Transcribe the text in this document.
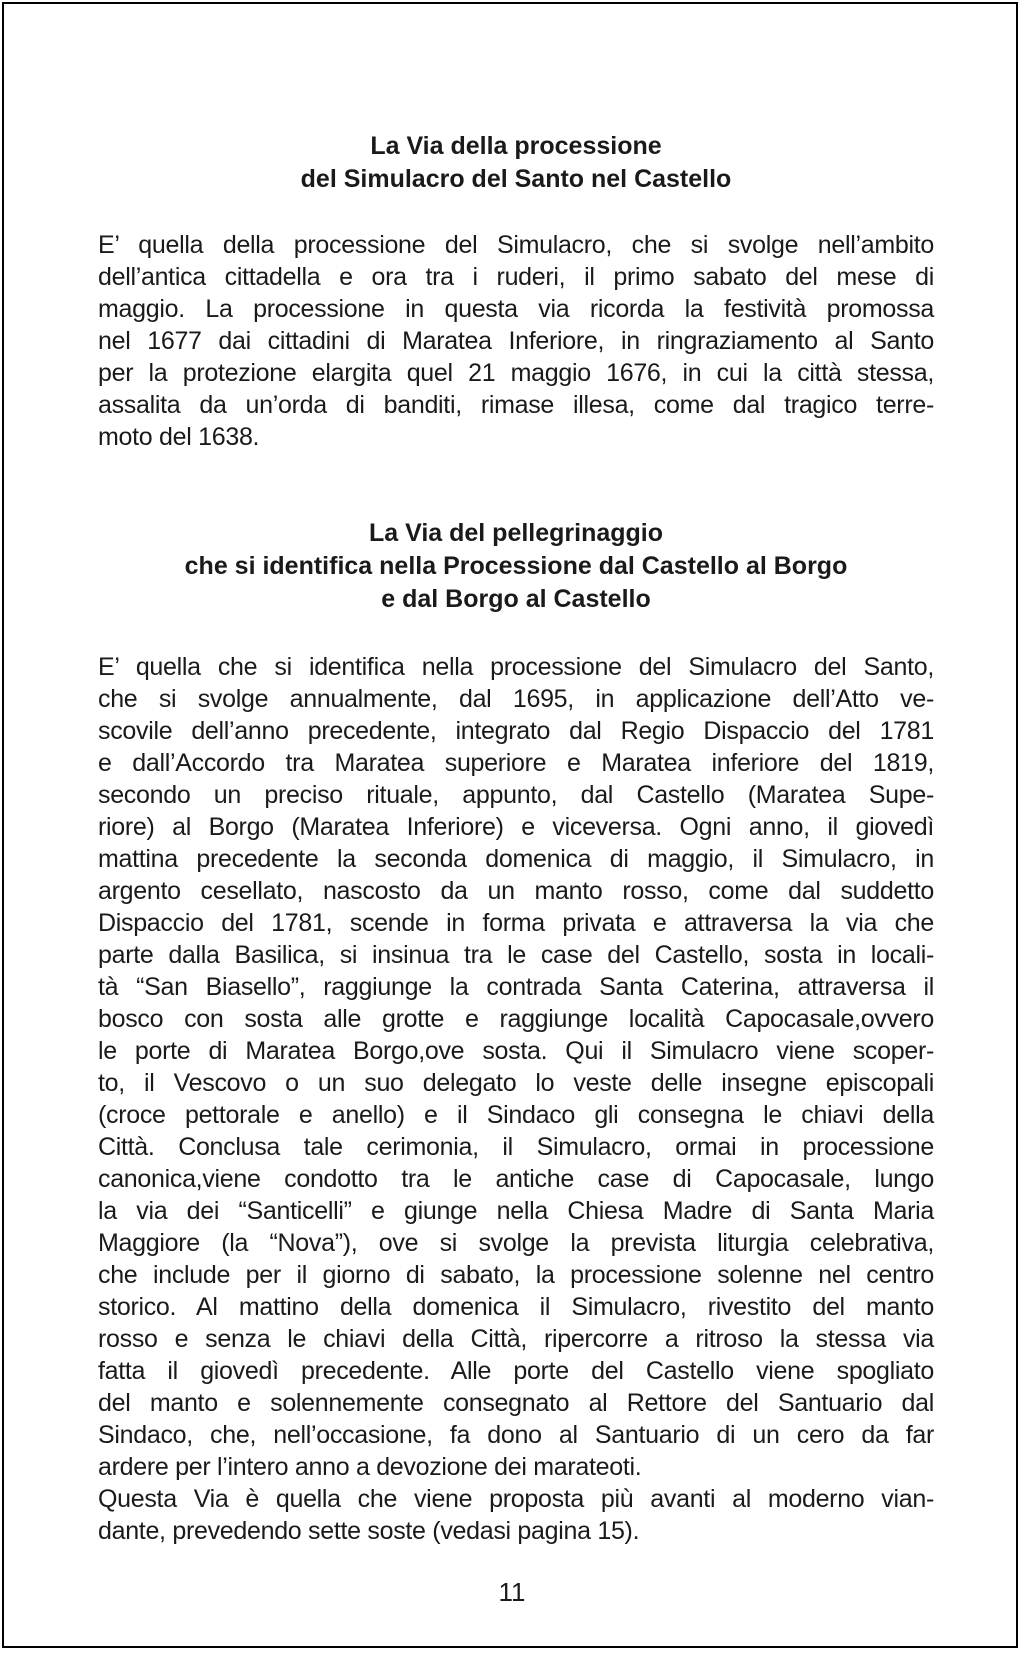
La Via della processione
del Simulacro del Santo nel Castello
E’ quella della processione del Simulacro, che si svolge nell’ambito
dell’antica cittadella e ora tra i ruderi, il primo sabato del mese di
maggio. La processione in questa via ricorda la festività promossa
nel 1677 dai cittadini di Maratea Inferiore, in ringraziamento al Santo
per la protezione elargita quel 21 maggio 1676, in cui la città stessa,
assalita da un’orda di banditi, rimase illesa, come dal tragico terre-
moto del 1638.
La Via del pellegrinaggio
che si identifica nella Processione dal Castello al Borgo
e dal Borgo al Castello
E’ quella che si identifica nella processione del Simulacro del Santo,
che si svolge annualmente, dal 1695, in applicazione dell’Atto ve-
scovile dell’anno precedente, integrato dal Regio Dispaccio del 1781
e dall’Accordo tra Maratea superiore e Maratea inferiore del 1819,
secondo un preciso rituale, appunto, dal Castello (Maratea Supe-
riore) al Borgo (Maratea Inferiore) e viceversa. Ogni anno, il giovedì
mattina precedente la seconda domenica di maggio, il Simulacro, in
argento cesellato, nascosto da un manto rosso, come dal suddetto
Dispaccio del 1781, scende in forma privata e attraversa la via che
parte dalla Basilica, si insinua tra le case del Castello, sosta in locali-
tà “San Biasello”, raggiunge la contrada Santa Caterina, attraversa il
bosco con sosta alle grotte e raggiunge località Capocasale,ovvero
le porte di Maratea Borgo,ove sosta. Qui il Simulacro viene scoper-
to, il Vescovo o un suo delegato lo veste delle insegne episcopali
(croce pettorale e anello) e il Sindaco gli consegna le chiavi della
Città. Conclusa tale cerimonia, il Simulacro, ormai in processione
canonica,viene condotto tra le antiche case di Capocasale, lungo
la via dei “Santicelli” e giunge nella Chiesa Madre di Santa Maria
Maggiore (la “Nova”), ove si svolge la prevista liturgia celebrativa,
che include per il giorno di sabato, la processione solenne nel centro
storico. Al mattino della domenica il Simulacro, rivestito del manto
rosso e senza le chiavi della Città, ripercorre a ritroso la stessa via
fatta il giovedì precedente. Alle porte del Castello viene spogliato
del manto e solennemente consegnato al Rettore del Santuario dal
Sindaco, che, nell’occasione, fa dono al Santuario di un cero da far
ardere per l’intero anno a devozione dei marateoti.
Questa Via è quella che viene proposta più avanti al moderno vian-
dante, prevedendo sette soste (vedasi pagina 15).
11
